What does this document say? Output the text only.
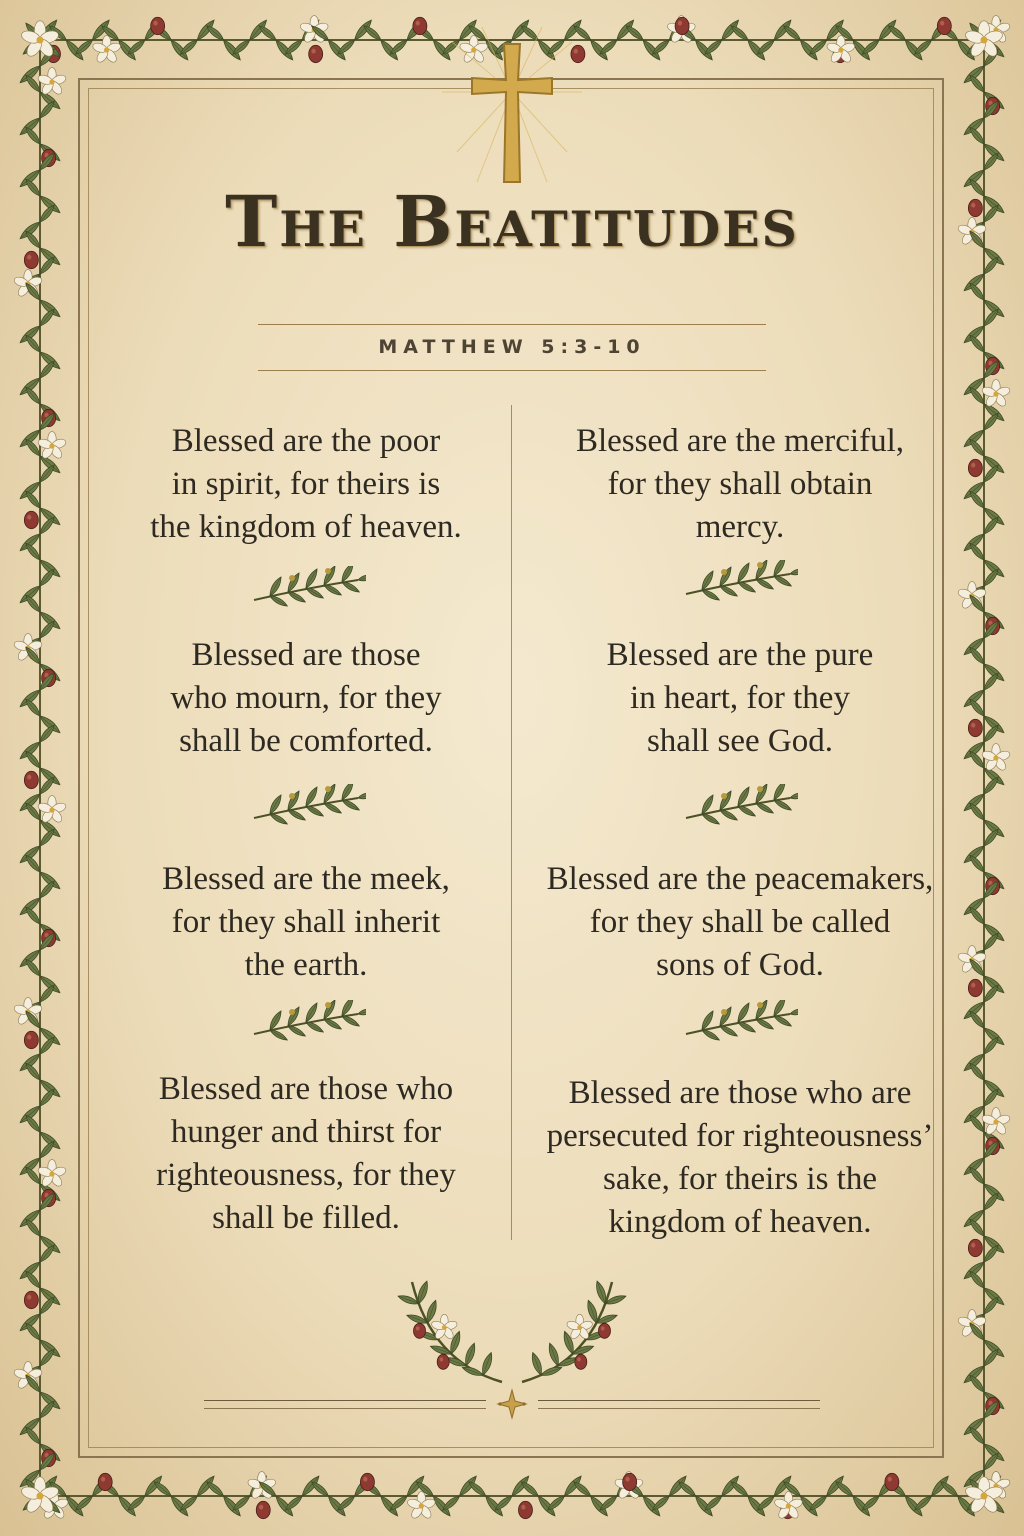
The Beatitudes
MATTHEW 5:3-10

Blessed are the poor
in spirit, for theirs is
the kingdom of heaven.

Blessed are those
who mourn, for they
shall be comforted.

Blessed are the meek,
for they shall inherit
the earth.

Blessed are those who
hunger and thirst for
righteousness, for they
shall be filled.

Blessed are the merciful,
for they shall obtain
mercy.

Blessed are the pure
in heart, for they
shall see God.

Blessed are the peacemakers,
for they shall be called
sons of God.

Blessed are those who are
persecuted for righteousness’
sake, for theirs is the
kingdom of heaven.
